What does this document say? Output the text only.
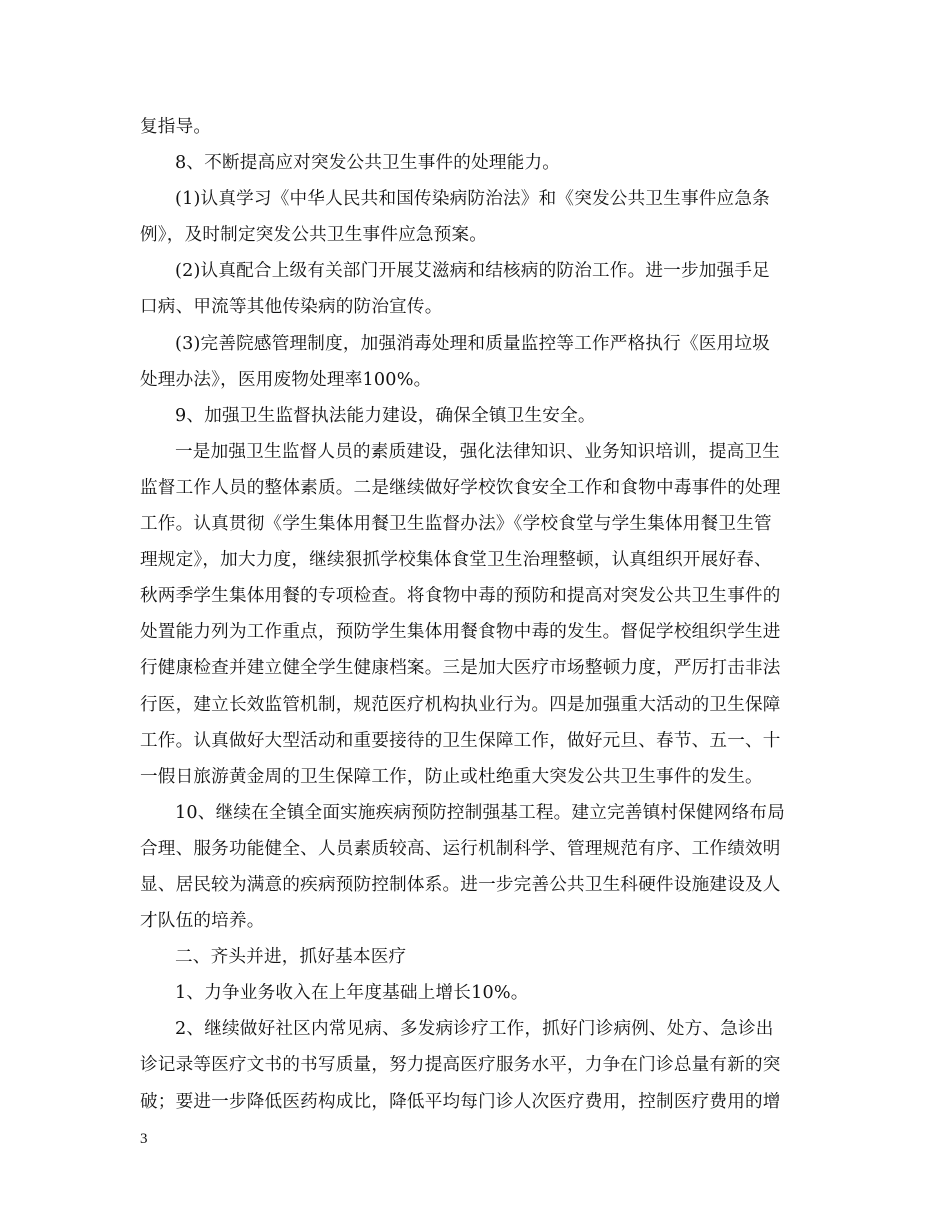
复指导。
8、不断提高应对突发公共卫生事件的处理能力。
(1)认真学习《中华人民共和国传染病防治法》和《突发公共卫生事件应急条
例》，及时制定突发公共卫生事件应急预案。
(2)认真配合上级有关部门开展艾滋病和结核病的防治工作。进一步加强手足
口病、甲流等其他传染病的防治宣传。
(3)完善院感管理制度，加强消毒处理和质量监控等工作严格执行《医用垃圾
处理办法》，医用废物处理率100%。
9、加强卫生监督执法能力建设，确保全镇卫生安全。
一是加强卫生监督人员的素质建设，强化法律知识、业务知识培训，提高卫生
监督工作人员的整体素质。二是继续做好学校饮食安全工作和食物中毒事件的处理
工作。认真贯彻《学生集体用餐卫生监督办法》《学校食堂与学生集体用餐卫生管
理规定》，加大力度，继续狠抓学校集体食堂卫生治理整顿，认真组织开展好春、
秋两季学生集体用餐的专项检查。将食物中毒的预防和提高对突发公共卫生事件的
处置能力列为工作重点，预防学生集体用餐食物中毒的发生。督促学校组织学生进
行健康检查并建立健全学生健康档案。三是加大医疗市场整顿力度，严厉打击非法
行医，建立长效监管机制，规范医疗机构执业行为。四是加强重大活动的卫生保障
工作。认真做好大型活动和重要接待的卫生保障工作，做好元旦、春节、五一、十
一假日旅游黄金周的卫生保障工作，防止或杜绝重大突发公共卫生事件的发生。
10、继续在全镇全面实施疾病预防控制强基工程。建立完善镇村保健网络布局
合理、服务功能健全、人员素质较高、运行机制科学、管理规范有序、工作绩效明
显、居民较为满意的疾病预防控制体系。进一步完善公共卫生科硬件设施建设及人
才队伍的培养。
二、齐头并进，抓好基本医疗
1、力争业务收入在上年度基础上增长10%。
2、继续做好社区内常见病、多发病诊疗工作，抓好门诊病例、处方、急诊出
诊记录等医疗文书的书写质量，努力提高医疗服务水平，力争在门诊总量有新的突
破；要进一步降低医药构成比，降低平均每门诊人次医疗费用，控制医疗费用的增
3
